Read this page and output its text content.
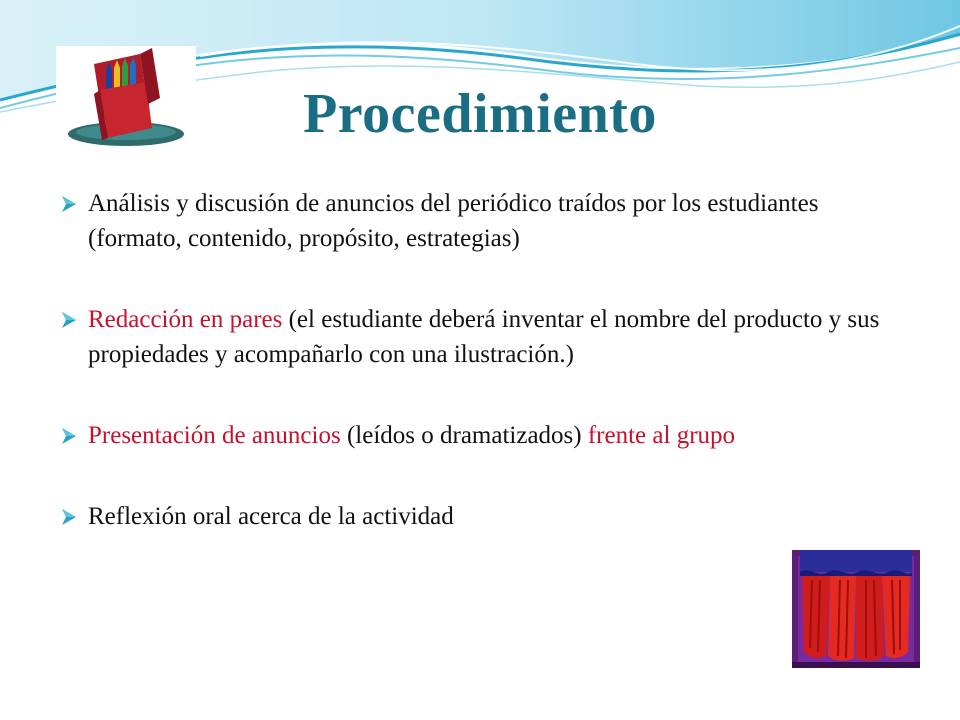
Procedimiento
Análisis y discusión de anuncios del periódico traídos por los estudiantes (formato, contenido, propósito, estrategias)
Redacción en pares (el estudiante deberá inventar el nombre del producto y sus propiedades y acompañarlo con una ilustración.)
Presentación de anuncios (leídos o dramatizados) frente al grupo
Reflexión oral acerca de la actividad
